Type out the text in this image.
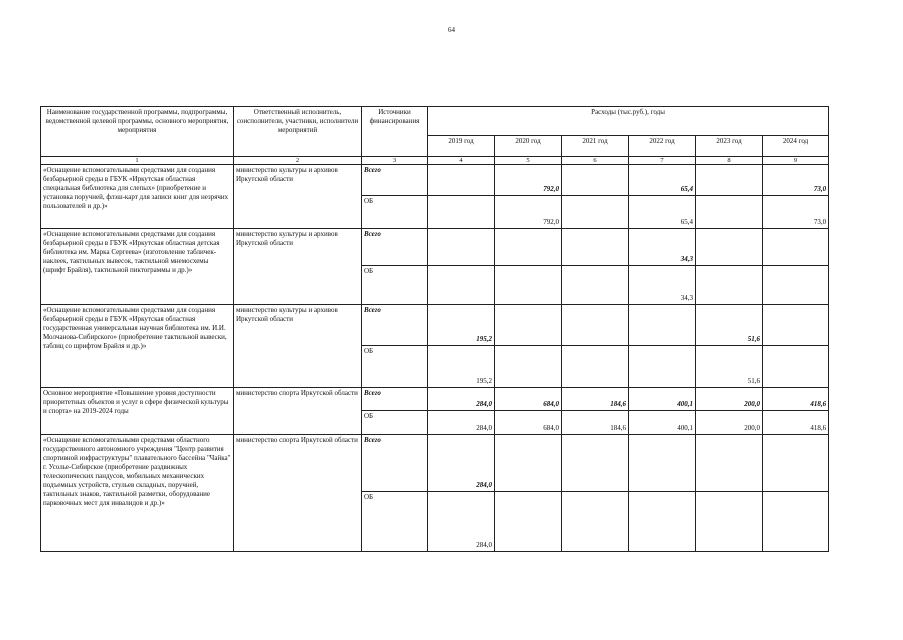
64
Наименование государственной программы, подпрограммы, ведомственной целевой программы, основного мероприятия, мероприятия	Ответственный исполнитель, соисполнители, участники, исполнители мероприятий	Источники финансирования	Расходы (тыс.руб.), годы					
			2019 год	2020 год	2021 год	2022 год	2023 год	2024 год
1	2	3	4	5	6	7	8	9
«Оснащение вспомогательными средствами для создания безбарьерной среды в ГБУК «Иркутская областная специальная библиотека для слепых» (приобретение и установка поручней, флэш-карт для записи книг для незрячих пользователей и др.)»	министерство культуры и архивов Иркутской области	Всего		792,0		65,4		73,0
		ОБ		792,0		65,4		73,0
«Оснащение вспомогательными средствами для создания безбарьерной среды в ГБУК «Иркутская областная детская библиотека им. Марка Сергеева» (изготовление табличек-наклеек, тактильных вывесок, тактильной мнемосхемы (шрифт Брайля), тактильной пиктограммы и др.)»	министерство культуры и архивов Иркутской области	Всего				34,3		
		ОБ				34,3		
«Оснащение вспомогательными средствами для создания безбарьерной среды в ГБУК «Иркутская областная государственная универсальная научная библиотека им. И.И. Молчанова-Сибирского» (приобретение тактильной вывески, таблиц со шрифтом Брайля и др.)»	министерство культуры и архивов Иркутской области	Всего	195,2				51,6	
		ОБ	195,2				51,6	
Основное мероприятие «Повышение уровня доступности приоритетных объектов и услуг в сфере физической культуры и спорта» на 2019-2024 годы	министерство спорта Иркутской области	Всего	284,0	684,0	184,6	400,1	200,0	418,6
		ОБ	284,0	684,0	184,6	400,1	200,0	418,6
«Оснащение вспомогательными средствами областного государственного автономного учреждения "Центр развития спортивной инфраструктуры" плавательного бассейна "Чайка" г. Усолье-Сибирское (приобретение раздвижных телескопических пандусов, мобильных механических подъемных устройств, стульев складных, поручней, тактильных знаков, тактильной разметки, оборудование парковочных мест для инвалидов и др.)»	министерство спорта Иркутской области	Всего	284,0					
		ОБ	284,0					
